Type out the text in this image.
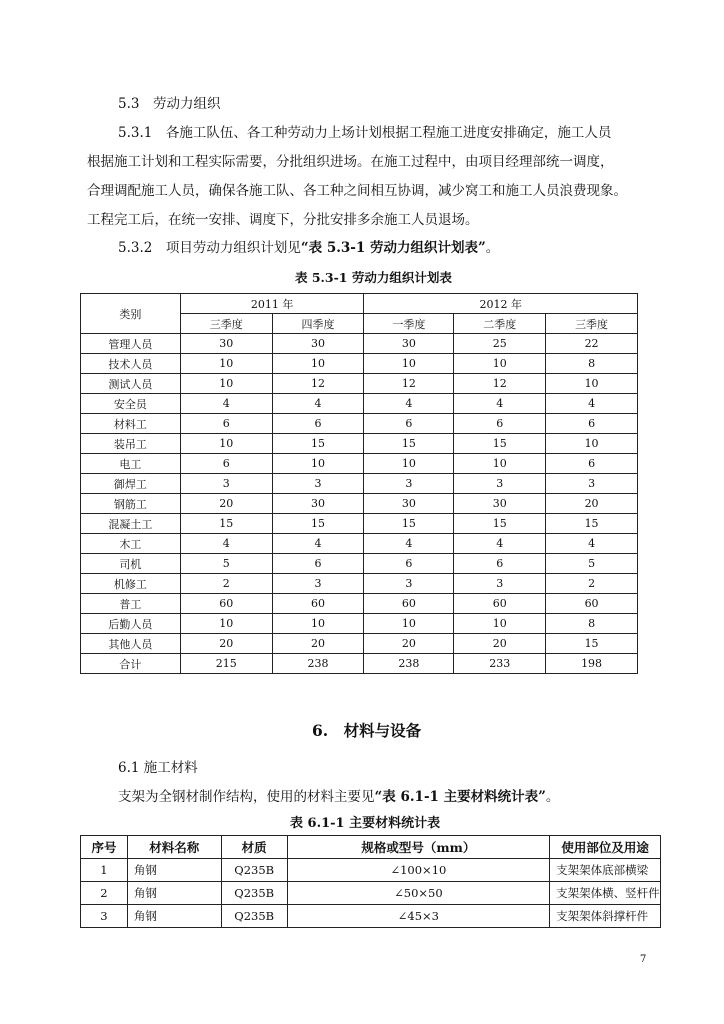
5.3　劳动力组织
5.3.1　各施工队伍、各工种劳动力上场计划根据工程施工进度安排确定，施工人员
根据施工计划和工程实际需要，分批组织进场。在施工过程中，由项目经理部统一调度，
合理调配施工人员，确保各施工队、各工种之间相互协调，减少窝工和施工人员浪费现象。
工程完工后，在统一安排、调度下，分批安排多余施工人员退场。
5.3.2　项目劳动力组织计划见“表 5.3-1 劳动力组织计划表”。
表 5.3-1 劳动力组织计划表
类别	2011 年		2012 年		
	三季度	四季度	一季度	二季度	三季度
管理人员	30	30	30	25	22
技术人员	10	10	10	10	8
测试人员	10	12	12	12	10
安全员	4	4	4	4	4
材料工	6	6	6	6	6
装吊工	10	15	15	15	10
电工	6	10	10	10	6
御焊工	3	3	3	3	3
钢筋工	20	30	30	30	20
混凝土工	15	15	15	15	15
木工	4	4	4	4	4
司机	5	6	6	6	5
机修工	2	3	3	3	2
普工	60	60	60	60	60
后勤人员	10	10	10	10	8
其他人员	20	20	20	20	15
合计	215	238	238	233	198
6.　材料与设备
6.1 施工材料
支架为全钢材制作结构，使用的材料主要见“表 6.1-1 主要材料统计表”。
表 6.1-1 主要材料统计表
序号	材料名称	材质	规格或型号（mm）	使用部位及用途
1	角钢	Q235B	∠100×10	支架架体底部横梁
2	角钢	Q235B	∠50×50	支架架体横、竖杆件
3	角钢	Q235B	∠45×3	支架架体斜撑杆件
7
